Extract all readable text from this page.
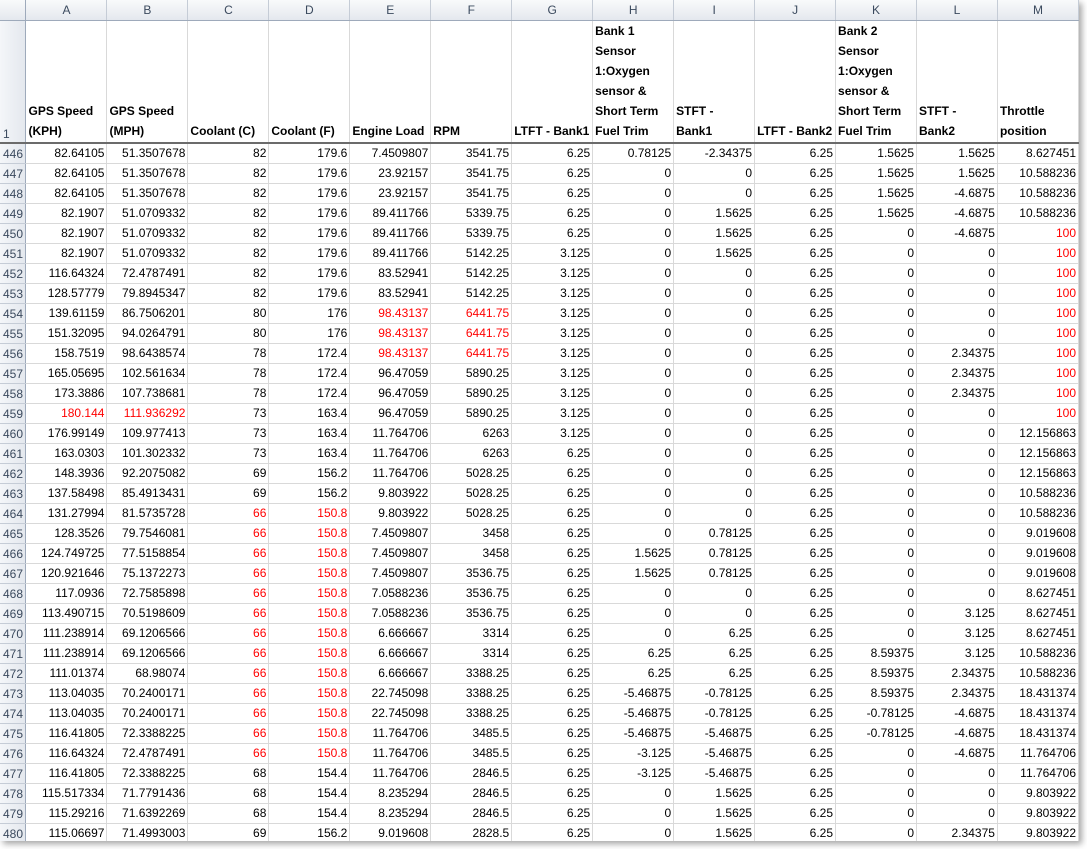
	A	B	C	D	E	F	G	H	I	J	K	L	M
1	GPS Speed (KPH)	GPS Speed (MPH)	Coolant (C)	Coolant (F)	Engine Load	RPM	LTFT - Bank1	Bank 1 Sensor 1:Oxygen sensor & Short Term Fuel Trim	STFT - Bank1	LTFT - Bank2	Bank 2 Sensor 1:Oxygen sensor & Short Term Fuel Trim	STFT - Bank2	Throttle position
446	82.64105	51.3507678	82	179.6	7.4509807	3541.75	6.25	0.78125	-2.34375	6.25	1.5625	1.5625	8.627451
447	82.64105	51.3507678	82	179.6	23.92157	3541.75	6.25	0	0	6.25	1.5625	1.5625	10.588236
448	82.64105	51.3507678	82	179.6	23.92157	3541.75	6.25	0	0	6.25	1.5625	-4.6875	10.588236
449	82.1907	51.0709332	82	179.6	89.411766	5339.75	6.25	0	1.5625	6.25	1.5625	-4.6875	10.588236
450	82.1907	51.0709332	82	179.6	89.411766	5339.75	6.25	0	1.5625	6.25	0	-4.6875	100
451	82.1907	51.0709332	82	179.6	89.411766	5142.25	3.125	0	1.5625	6.25	0	0	100
452	116.64324	72.4787491	82	179.6	83.52941	5142.25	3.125	0	0	6.25	0	0	100
453	128.57779	79.8945347	82	179.6	83.52941	5142.25	3.125	0	0	6.25	0	0	100
454	139.61159	86.7506201	80	176	98.43137	6441.75	3.125	0	0	6.25	0	0	100
455	151.32095	94.0264791	80	176	98.43137	6441.75	3.125	0	0	6.25	0	0	100
456	158.7519	98.6438574	78	172.4	98.43137	6441.75	3.125	0	0	6.25	0	2.34375	100
457	165.05695	102.561634	78	172.4	96.47059	5890.25	3.125	0	0	6.25	0	2.34375	100
458	173.3886	107.738681	78	172.4	96.47059	5890.25	3.125	0	0	6.25	0	2.34375	100
459	180.144	111.936292	73	163.4	96.47059	5890.25	3.125	0	0	6.25	0	0	100
460	176.99149	109.977413	73	163.4	11.764706	6263	3.125	0	0	6.25	0	0	12.156863
461	163.0303	101.302332	73	163.4	11.764706	6263	6.25	0	0	6.25	0	0	12.156863
462	148.3936	92.2075082	69	156.2	11.764706	5028.25	6.25	0	0	6.25	0	0	12.156863
463	137.58498	85.4913431	69	156.2	9.803922	5028.25	6.25	0	0	6.25	0	0	10.588236
464	131.27994	81.5735728	66	150.8	9.803922	5028.25	6.25	0	0	6.25	0	0	10.588236
465	128.3526	79.7546081	66	150.8	7.4509807	3458	6.25	0	0.78125	6.25	0	0	9.019608
466	124.749725	77.5158854	66	150.8	7.4509807	3458	6.25	1.5625	0.78125	6.25	0	0	9.019608
467	120.921646	75.1372273	66	150.8	7.4509807	3536.75	6.25	1.5625	0.78125	6.25	0	0	9.019608
468	117.0936	72.7585898	66	150.8	7.0588236	3536.75	6.25	0	0	6.25	0	0	8.627451
469	113.490715	70.5198609	66	150.8	7.0588236	3536.75	6.25	0	0	6.25	0	3.125	8.627451
470	111.238914	69.1206566	66	150.8	6.666667	3314	6.25	0	6.25	6.25	0	3.125	8.627451
471	111.238914	69.1206566	66	150.8	6.666667	3314	6.25	6.25	6.25	6.25	8.59375	3.125	10.588236
472	111.01374	68.98074	66	150.8	6.666667	3388.25	6.25	6.25	6.25	6.25	8.59375	2.34375	10.588236
473	113.04035	70.2400171	66	150.8	22.745098	3388.25	6.25	-5.46875	-0.78125	6.25	8.59375	2.34375	18.431374
474	113.04035	70.2400171	66	150.8	22.745098	3388.25	6.25	-5.46875	-0.78125	6.25	-0.78125	-4.6875	18.431374
475	116.41805	72.3388225	66	150.8	11.764706	3485.5	6.25	-5.46875	-5.46875	6.25	-0.78125	-4.6875	18.431374
476	116.64324	72.4787491	66	150.8	11.764706	3485.5	6.25	-3.125	-5.46875	6.25	0	-4.6875	11.764706
477	116.41805	72.3388225	68	154.4	11.764706	2846.5	6.25	-3.125	-5.46875	6.25	0	0	11.764706
478	115.517334	71.7791436	68	154.4	8.235294	2846.5	6.25	0	1.5625	6.25	0	0	9.803922
479	115.29216	71.6392269	68	154.4	8.235294	2846.5	6.25	0	1.5625	6.25	0	0	9.803922
480	115.06697	71.4993003	69	156.2	9.019608	2828.5	6.25	0	1.5625	6.25	0	2.34375	9.803922
